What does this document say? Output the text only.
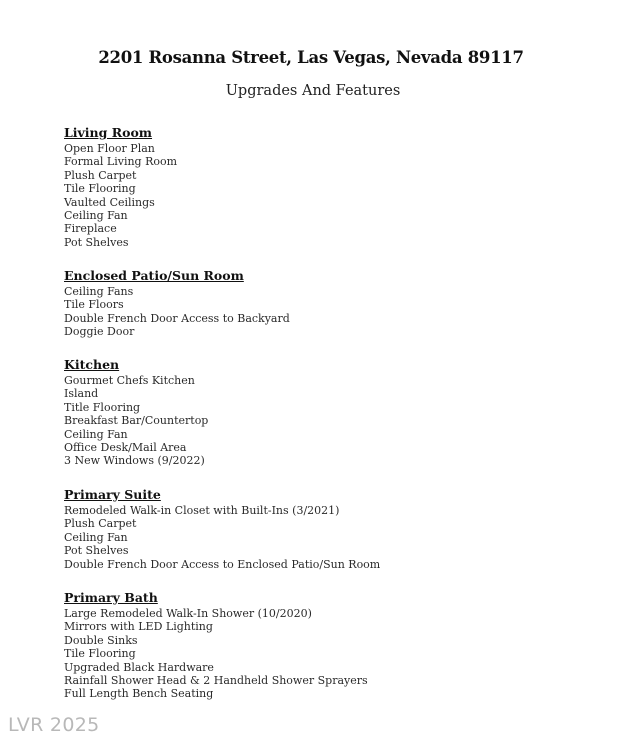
2201 Rosanna Street, Las Vegas, Nevada 89117
Upgrades And Features
Living Room
Open Floor Plan
Formal Living Room
Plush Carpet
Tile Flooring
Vaulted Ceilings
Ceiling Fan
Fireplace
Pot Shelves
Enclosed Patio/Sun Room
Ceiling Fans
Tile Floors
Double French Door Access to Backyard
Doggie Door
Kitchen
Gourmet Chefs Kitchen
Island
Title Flooring
Breakfast Bar/Countertop
Ceiling Fan
Office Desk/Mail Area
3 New Windows (9/2022)
Primary Suite
Remodeled Walk-in Closet with Built-Ins (3/2021)
Plush Carpet
Ceiling Fan
Pot Shelves
Double French Door Access to Enclosed Patio/Sun Room
Primary Bath
Large Remodeled Walk-In Shower (10/2020)
Mirrors with LED Lighting
Double Sinks
Tile Flooring
Upgraded Black Hardware
Rainfall Shower Head & 2 Handheld Shower Sprayers
Full Length Bench Seating
LVR 2025
